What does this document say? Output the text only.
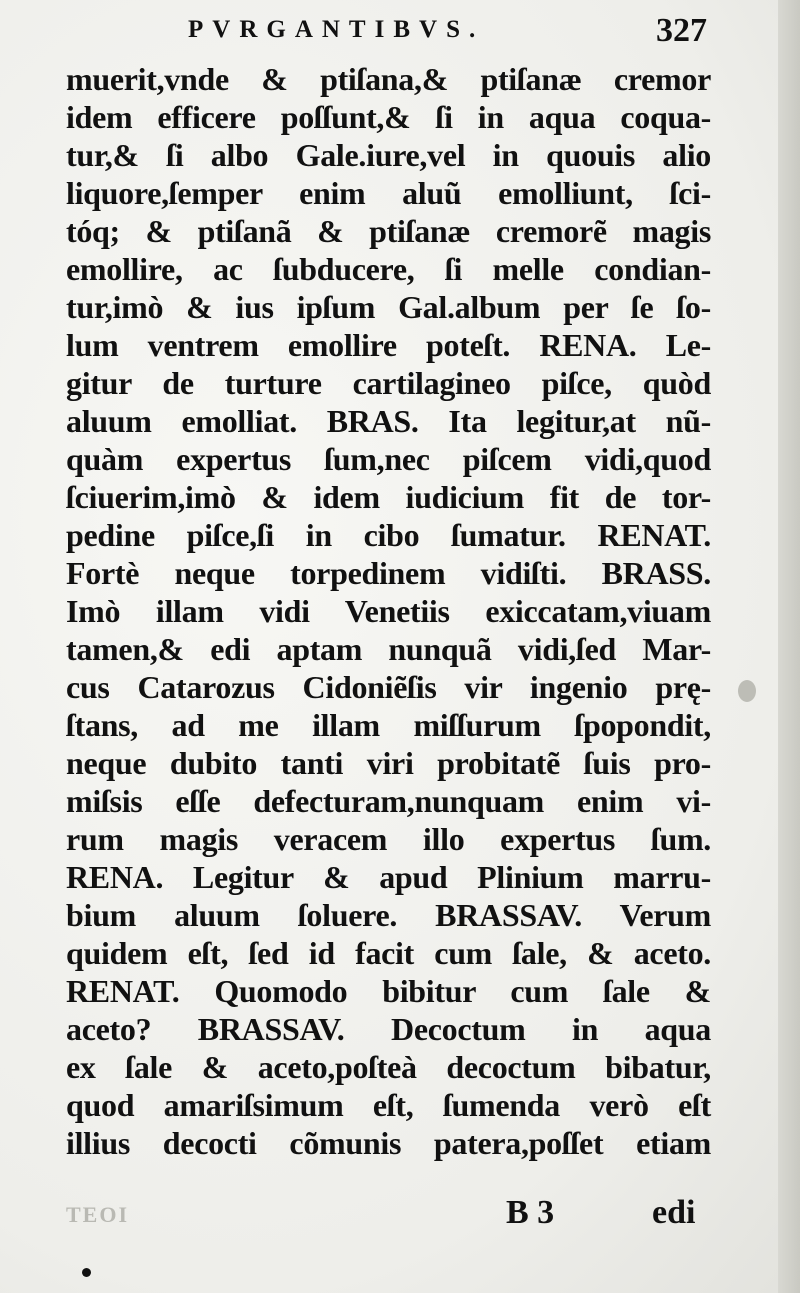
PVRGANTIBVS.	327
muerit,vnde & ptiſana,& ptiſanæ cremor
idem efficere poſſunt,& ſi in aqua coqua-
tur,& ſi albo Gale.iure,vel in quouis alio
liquore,ſemper enim aluũ emolliunt, ſci-
tóq; & ptiſanã & ptiſanæ cremorẽ magis
emollire, ac ſubducere, ſi melle condian-
tur,imò & ius ipſum Gal.album per ſe ſo-
lum ventrem emollire poteſt. RENA. Le-
gitur de turture cartilagineo piſce, quòd
aluum emolliat. BRAS. Ita legitur,at nũ-
quàm expertus ſum,nec piſcem vidi,quod
ſciuerim,imò & idem iudicium fit de tor-
pedine piſce,ſi in cibo ſumatur. RENAT.
Fortè neque torpedinem vidiſti. BRASS.
Imò illam vidi Venetiis exiccatam,viuam
tamen,& edi aptam nunquã vidi,ſed Mar-
cus Catarozus Cidoniẽſis vir ingenio prę-
ſtans, ad me illam miſſurum ſpopondit,
neque dubito tanti viri probitatẽ ſuis pro-
miſsis eſſe defecturam,nunquam enim vi-
rum magis veracem illo expertus ſum.
RENA. Legitur & apud Plinium marru-
bium aluum ſoluere. BRASSAV. Verum
quidem eſt, ſed id facit cum ſale, & aceto.
RENAT. Quomodo bibitur cum ſale &
aceto? BRASSAV. Decoctum in aqua
ex ſale & aceto,poſteà decoctum bibatur,
quod amariſsimum eſt, ſumenda verò eſt
illius decocti cõmunis patera,poſſet etiam
TEOI	B 3	edi
